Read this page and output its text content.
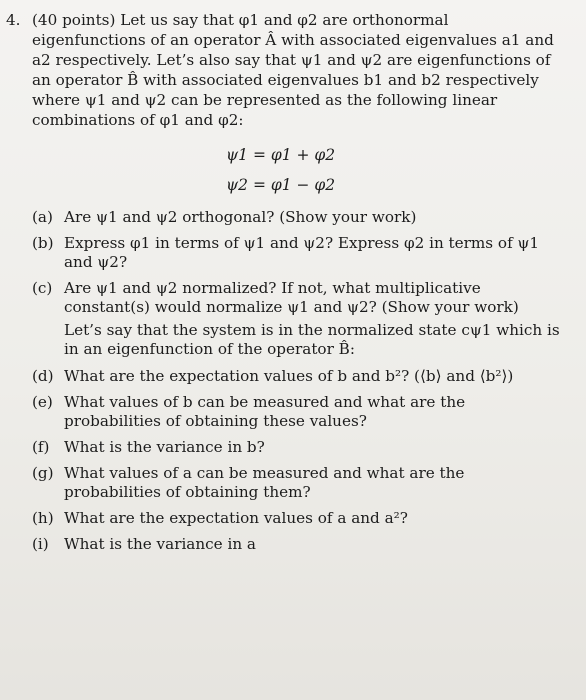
4. (40 points) Let us say that φ1 and φ2 are orthonormal eigenfunctions of an operator Â with associated eigenvalues a1 and a2 respectively. Let’s also say that ψ1 and ψ2 are eigenfunctions of an operator B̂ with associated eigenvalues b1 and b2 respectively where ψ1 and ψ2 can be represented as the following linear combinations of φ1 and φ2:
ψ1 = φ1 + φ2
ψ2 = φ1 − φ2
(a) Are ψ1 and ψ2 orthogonal? (Show your work)
(b) Express φ1 in terms of ψ1 and ψ2? Express φ2 in terms of ψ1 and ψ2?
(c) Are ψ1 and ψ2 normalized? If not, what multiplicative constant(s) would normalize ψ1 and ψ2? (Show your work)
Let’s say that the system is in the normalized state cψ1 which is in an eigenfunction of the operator B̂:
(d) What are the expectation values of b and b²? (⟨b⟩ and ⟨b²⟩)
(e) What values of b can be measured and what are the probabilities of obtaining these values?
(f) What is the variance in b?
(g) What values of a can be measured and what are the probabilities of obtaining them?
(h) What are the expectation values of a and a²?
(i)	What is the variance in a
